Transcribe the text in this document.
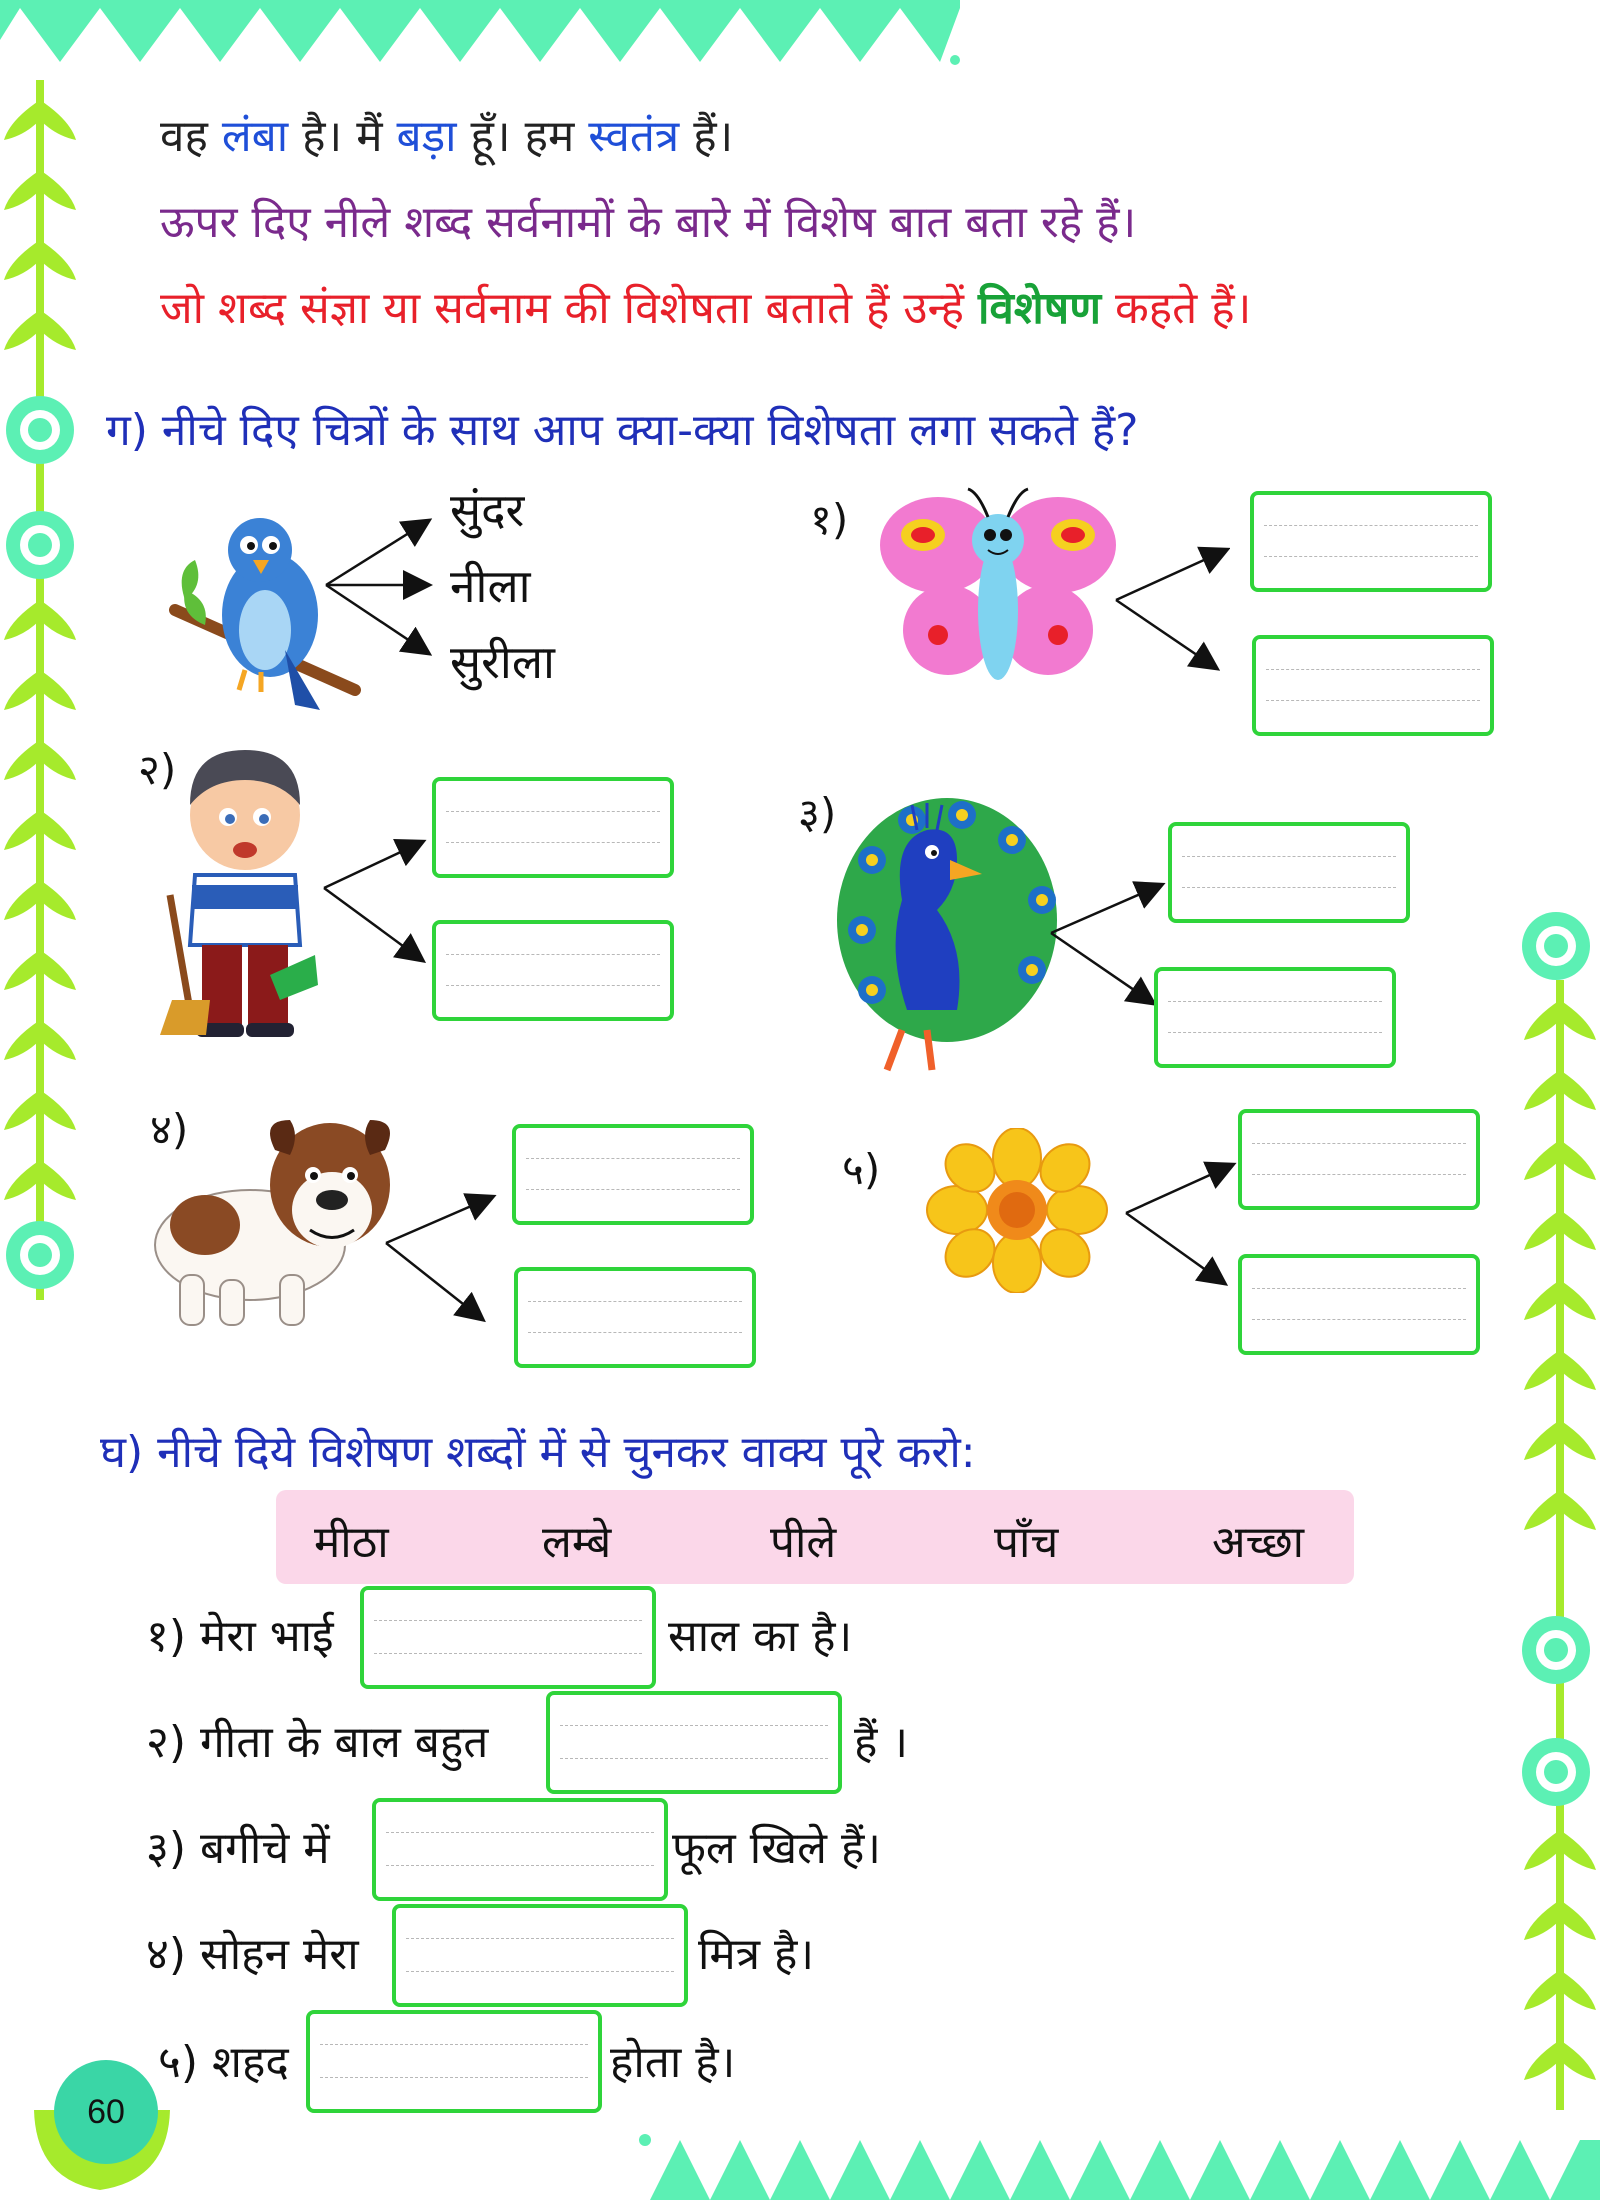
वह लंबा है। मैं बड़ा हूँ। हम स्वतंत्र हैं।
ऊपर दिए नीले शब्द सर्वनामों के बारे में विशेष बात बता रहे हैं।
जो शब्द संज्ञा या सर्वनाम की विशेषता बताते हैं उन्हें विशेषण कहते हैं।
ग) नीचे दिए चित्रों के साथ आप क्या-क्या विशेषता लगा सकते हैं?
सुंदर
नीला
सुरीला
१)
२)
३)
४)
५)
घ) नीचे दिये विशेषण शब्दों में से चुनकर वाक्य पूरे करो:
मीठा	लम्बे	पीले	पाँच	अच्छा
१) मेरा भाई	साल का है।
२) गीता के बाल बहुत	हैं ।
३) बगीचे में	फूल खिले हैं।
४) सोहन मेरा	मित्र है।
५) शहद	होता है।
60
